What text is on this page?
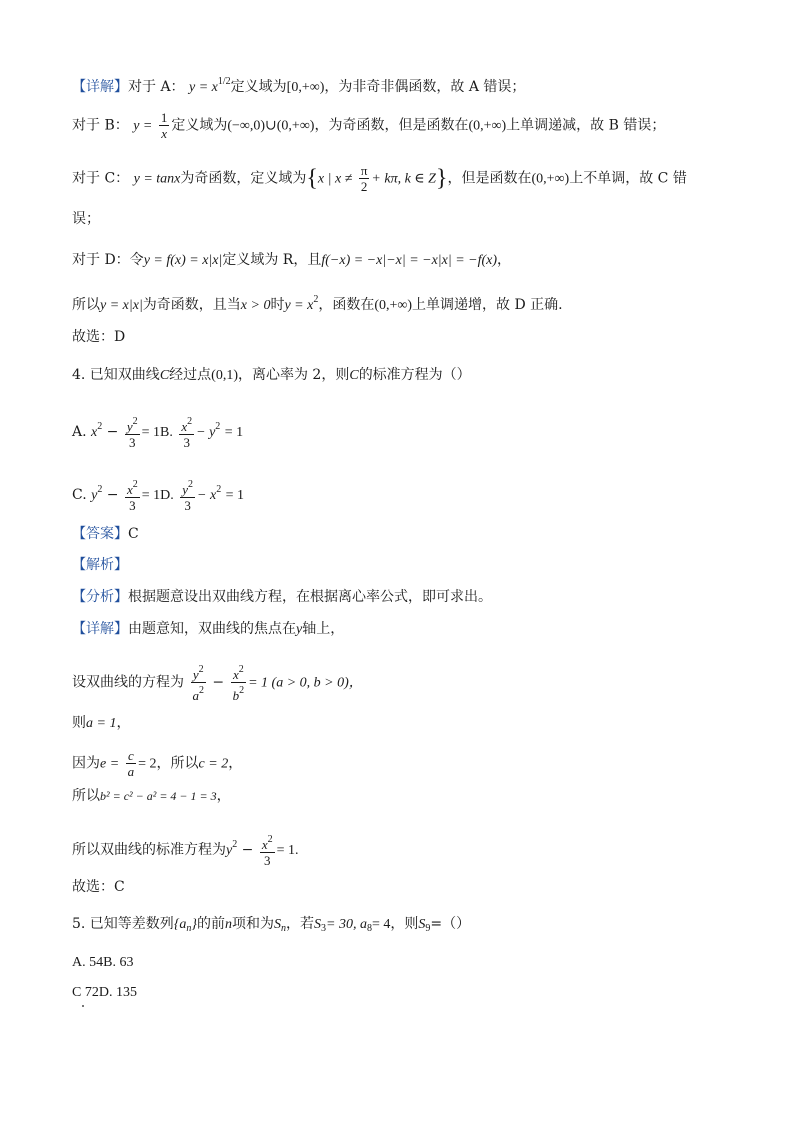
【详解】对于 A： $y = x^{1/2}$定义域为[0,+∞)，为非奇非偶函数，故 A 错误；
对于 B： $y = \frac{1}{x}$ 定义域为(−∞,0)∪(0,+∞)，为奇函数，但是函数在(0,+∞)上单调递减，故 B 错误；
对于 C： y = tanx为奇函数，定义域为{x | $x \ne \frac{\pi}{2} + k\pi$, k ∈ Z}，但是函数在(0,+∞)上不单调，故 C 错
误；
对于 D：令y = f(x) = x|x|定义域为 R，且f(−x) = −x|−x| = −x|x| = −f(x)，
所以y = x|x|为奇函数，且当x > 0时$y = x^2$，函数在(0,+∞)上单调递增，故 D 正确.
故选：D
4. 已知双曲线C经过点(0,1)，离心率为 2，则C的标准方程为（）
A. $x^2 - \frac{y^2}{3} = 1B$. $\frac{x^2}{3} - y^2 = 1$
C. $y^2 - \frac{x^2}{3} = 1D$. $\frac{y^2}{3} - x^2 = 1$
【答案】C
【解析】
【分析】根据题意设出双曲线方程，在根据离心率公式，即可求出。
【详解】由题意知，双曲线的焦点在y轴上，
设双曲线的方程为 $\frac{y^2}{a^2} - \frac{x^2}{b^2} = 1$ (a > 0, b > 0)，
则a = 1，
因为$e = \frac{c}{a} = 2$，所以c = 2，
所以b² = c² − a² = 4 − 1 = 3，
所以双曲线的标准方程为$y^2 - \frac{x^2}{3} = 1$.
故选：C
5. 已知等差数列$\{a_n\}$的前n项和为$S_n$，若$S_3= 30$, $a_8= 4$，则$S_9=()$
A. 54B. 63
C 72D. 135
